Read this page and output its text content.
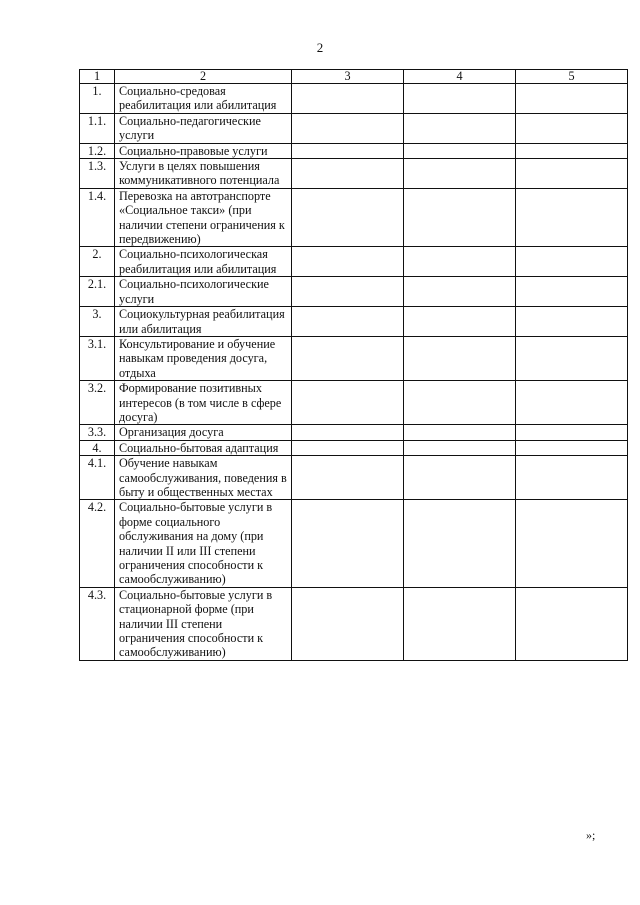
2
1	2	3	4	5
1.	Социально-средовая реабилитация или абилитация			
1.1.	Социально-педагогические услуги			
1.2.	Социально-правовые услуги			
1.3.	Услуги в целях повышения коммуникативного потенциала			
1.4.	Перевозка на автотранспорте «Социальное такси» (при наличии степени ограничения к передвижению)			
2.	Социально-психологическая реабилитация или абилитация			
2.1.	Социально-психологические услуги			
3.	Социокультурная реабилитация или абилитация			
3.1.	Консультирование и обучение навыкам проведения досуга, отдыха			
3.2.	Формирование позитивных интересов (в том числе в сфере досуга)			
3.3.	Организация досуга			
4.	Социально-бытовая адаптация			
4.1.	Обучение навыкам самообслуживания, поведения в быту и общественных местах			
4.2.	Социально-бытовые услуги в форме социального обслуживания на дому (при наличии II или III степени ограничения способности к самообслуживанию)			
4.3.	Социально-бытовые услуги в стационарной форме (при наличии III степени ограничения способности к самообслуживанию)			
»;
